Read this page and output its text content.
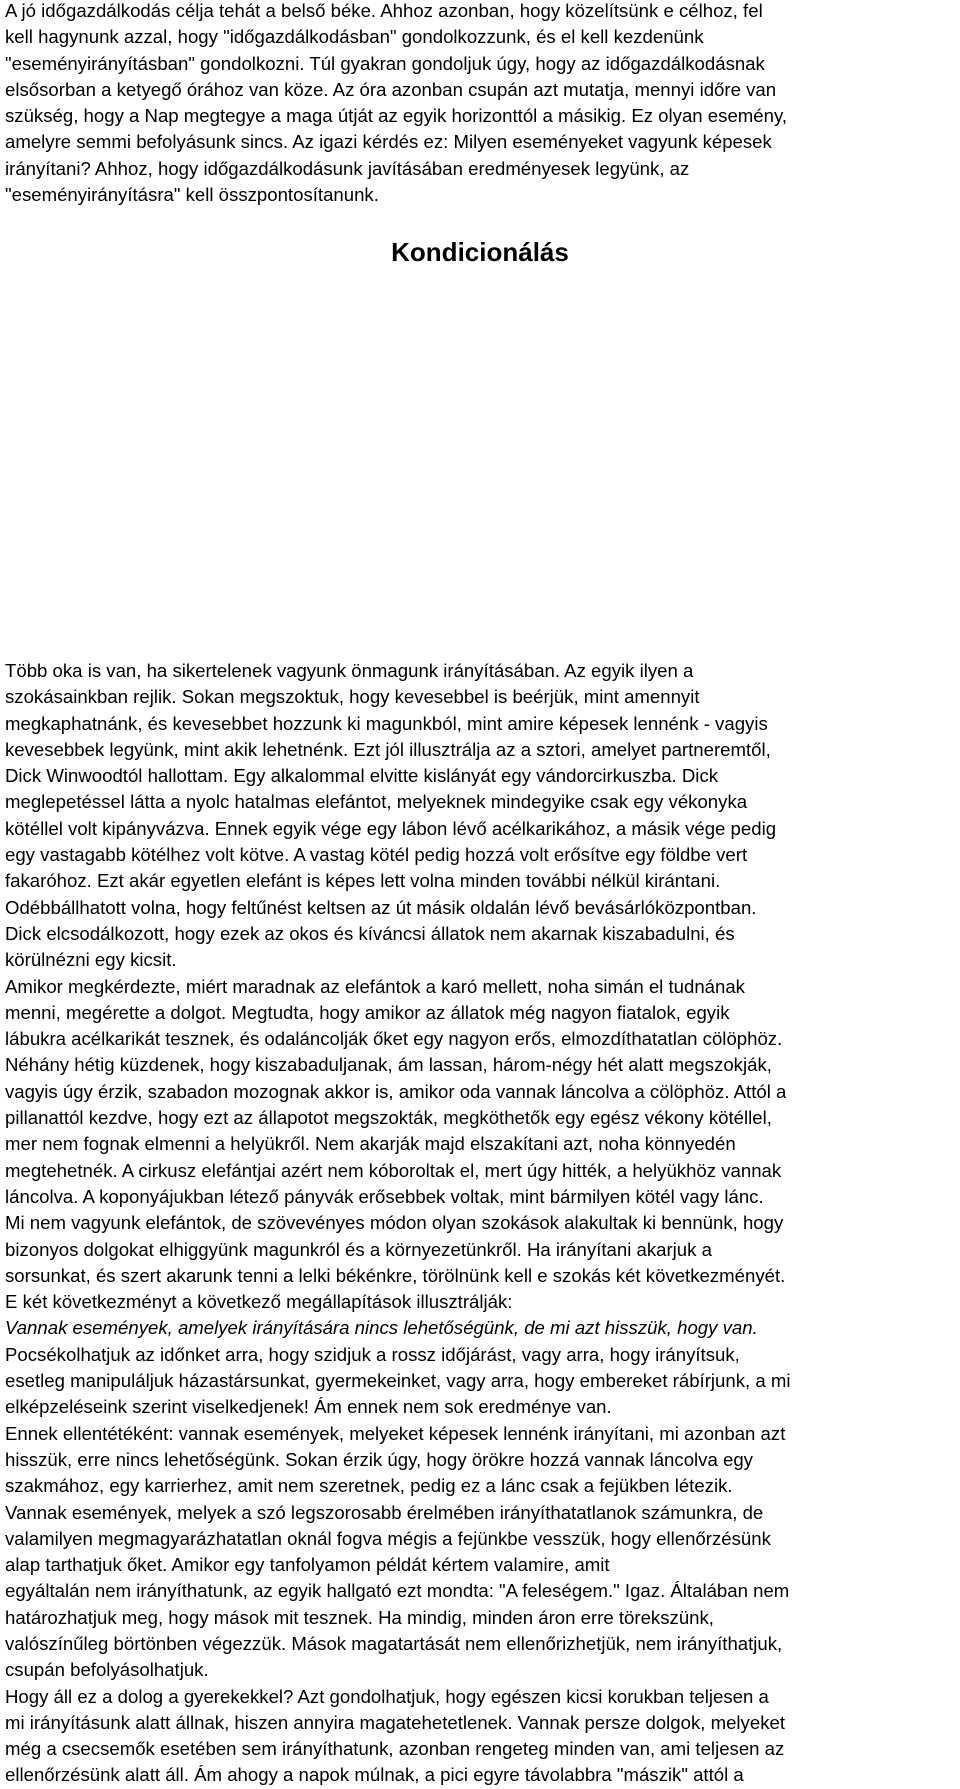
A jó időgazdálkodás célja tehát a belső béke. Ahhoz azonban, hogy közelítsünk e célhoz, fel
kell hagynunk azzal, hogy "időgazdálkodásban" gondolkozzunk, és el kell kezdenünk
"eseményirányításban" gondolkozni. Túl gyakran gondoljuk úgy, hogy az időgazdálkodásnak
elsősorban a ketyegő órához van köze. Az óra azonban csupán azt mutatja, mennyi időre van
szükség, hogy a Nap megtegye a maga útját az egyik horizonttól a másikig. Ez olyan esemény,
amelyre semmi befolyásunk sincs. Az igazi kérdés ez: Milyen eseményeket vagyunk képesek
irányítani? Ahhoz, hogy időgazdálkodásunk javításában eredményesek legyünk, az
"eseményirányításra" kell összpontosítanunk.
Kondicionálás
Több oka is van, ha sikertelenek vagyunk önmagunk irányításában. Az egyik ilyen a
szokásainkban rejlik. Sokan megszoktuk, hogy kevesebbel is beérjük, mint amennyit
megkaphatnánk, és kevesebbet hozzunk ki magunkból, mint amire képesek lennénk - vagyis
kevesebbek legyünk, mint akik lehetnénk. Ezt jól illusztrálja az a sztori, amelyet partneremtől,
Dick Winwoodtól hallottam. Egy alkalommal elvitte kislányát egy vándorcirkuszba. Dick
meglepetéssel látta a nyolc hatalmas elefántot, melyeknek mindegyike csak egy vékonyka
kötéllel volt kipányvázva. Ennek egyik vége egy lábon lévő acélkarikához, a másik vége pedig
egy vastagabb kötélhez volt kötve. A vastag kötél pedig hozzá volt erősítve egy földbe vert
fakaróhoz. Ezt akár egyetlen elefánt is képes lett volna minden további nélkül kirántani.
Odébbállhatott volna, hogy feltűnést keltsen az út másik oldalán lévő bevásárlóközpontban.
Dick elcsodálkozott, hogy ezek az okos és kíváncsi állatok nem akarnak kiszabadulni, és
körülnézni egy kicsit.
Amikor megkérdezte, miért maradnak az elefántok a karó mellett, noha simán el tudnának
menni, megérette a dolgot. Megtudta, hogy amikor az állatok még nagyon fiatalok, egyik
lábukra acélkarikát tesznek, és odaláncolják őket egy nagyon erős, elmozdíthatatlan cölöphöz.
Néhány hétig küzdenek, hogy kiszabaduljanak, ám lassan, három-négy hét alatt megszokják,
vagyis úgy érzik, szabadon mozognak akkor is, amikor oda vannak láncolva a cölöphöz. Attól a
pillanattól kezdve, hogy ezt az állapotot megszokták, megköthetők egy egész vékony kötéllel,
mer nem fognak elmenni a helyükről. Nem akarják majd elszakítani azt, noha könnyedén
megtehetnék. A cirkusz elefántjai azért nem kóboroltak el, mert úgy hitték, a helyükhöz vannak
láncolva. A koponyájukban létező pányvák erősebbek voltak, mint bármilyen kötél vagy lánc.
Mi nem vagyunk elefántok, de szövevényes módon olyan szokások alakultak ki bennünk, hogy
bizonyos dolgokat elhiggyünk magunkról és a környezetünkről. Ha irányítani akarjuk a
sorsunkat, és szert akarunk tenni a lelki békénkre, törölnünk kell e szokás két következményét.
E két következményt a következő megállapítások illusztrálják:
Vannak események, amelyek irányítására nincs lehetőségünk, de mi azt hisszük, hogy van.
Pocsékolhatjuk az időnket arra, hogy szidjuk a rossz időjárást, vagy arra, hogy irányítsuk,
esetleg manipuláljuk házastársunkat, gyermekeinket, vagy arra, hogy embereket rábírjunk, a mi
elképzeléseink szerint viselkedjenek! Ám ennek nem sok eredménye van.
Ennek ellentétéként: vannak események, melyeket képesek lennénk irányítani, mi azonban azt
hisszük, erre nincs lehetőségünk. Sokan érzik úgy, hogy örökre hozzá vannak láncolva egy
szakmához, egy karrierhez, amit nem szeretnek, pedig ez a lánc csak a fejükben létezik.
Vannak események, melyek a szó legszorosabb érelmében irányíthatatlanok számunkra, de
valamilyen megmagyarázhatatlan oknál fogva mégis a fejünkbe vesszük, hogy ellenőrzésünk
alap tarthatjuk őket. Amikor egy tanfolyamon példát kértem valamire, amit
egyáltalán nem irányíthatunk, az egyik hallgató ezt mondta: "A feleségem." Igaz. Általában nem
határozhatjuk meg, hogy mások mit tesznek. Ha mindig, minden áron erre törekszünk,
valószínűleg börtönben végezzük. Mások magatartását nem ellenőrizhetjük, nem irányíthatjuk,
csupán befolyásolhatjuk.
Hogy áll ez a dolog a gyerekekkel? Azt gondolhatjuk, hogy egészen kicsi korukban teljesen a
mi irányításunk alatt állnak, hiszen annyira magatehetetlenek. Vannak persze dolgok, melyeket
még a csecsemők esetében sem irányíthatunk, azonban rengeteg minden van, ami teljesen az
ellenőrzésünk alatt áll. Ám ahogy a napok múlnak, a pici egyre távolabbra "mászik" attól a
